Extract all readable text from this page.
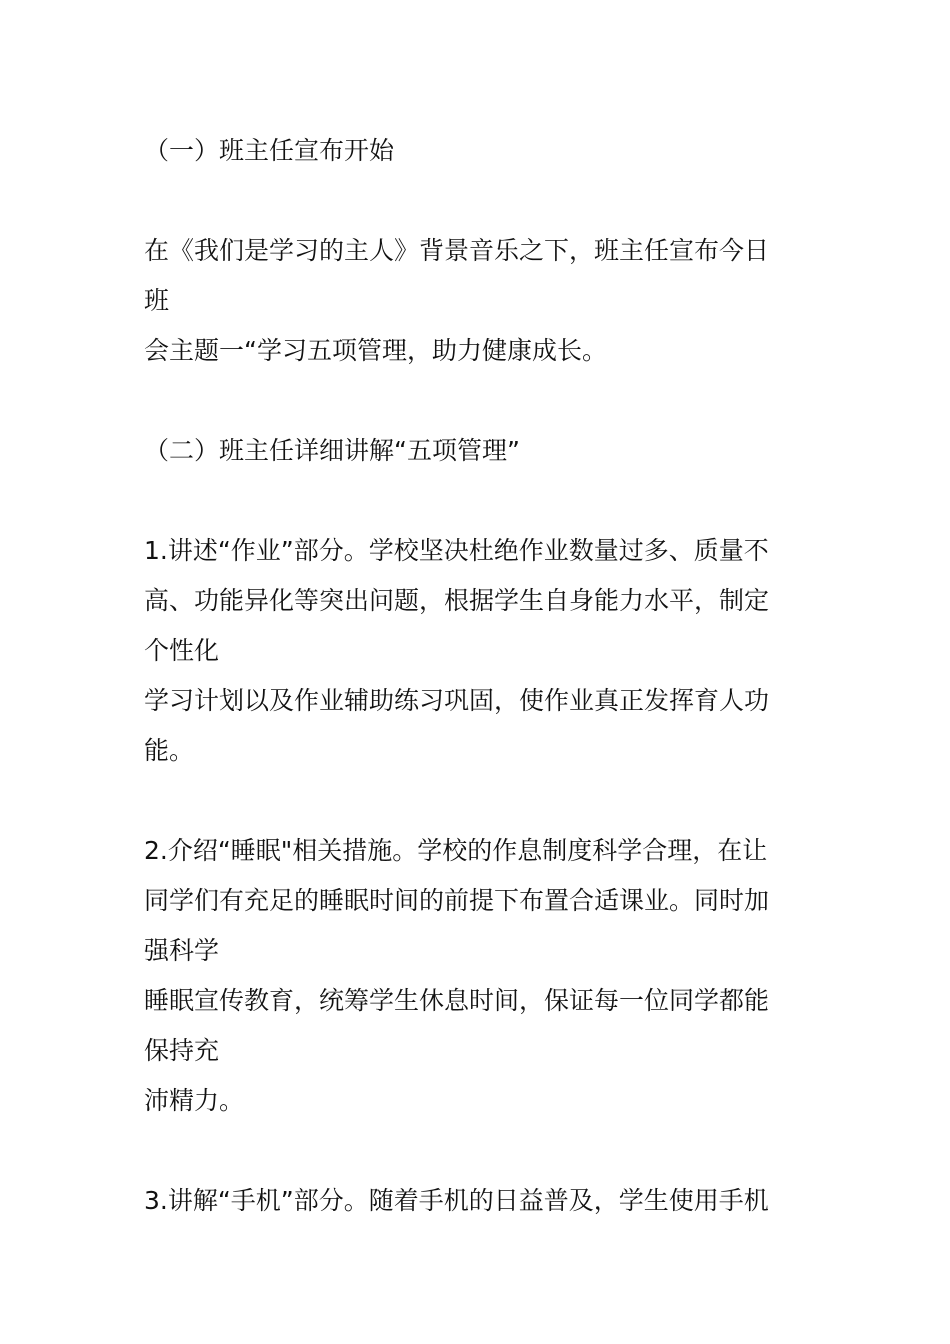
（一）班主任宣布开始
在《我们是学习的主人》背景音乐之下，班主任宣布今日
班
会主题一“学习五项管理，助力健康成长。
（二）班主任详细讲解“五项管理”
1.讲述“作业”部分。学校坚决杜绝作业数量过多、质量不
高、功能异化等突出问题，根据学生自身能力水平，制定
个性化
学习计划以及作业辅助练习巩固，使作业真正发挥育人功
能。
2.介绍“睡眠"相关措施。学校的作息制度科学合理，在让
同学们有充足的睡眠时间的前提下布置合适课业。同时加
强科学
睡眠宣传教育，统筹学生休息时间，保证每一位同学都能
保持充
沛精力。
3.讲解“手机”部分。随着手机的日益普及，学生使用手机
